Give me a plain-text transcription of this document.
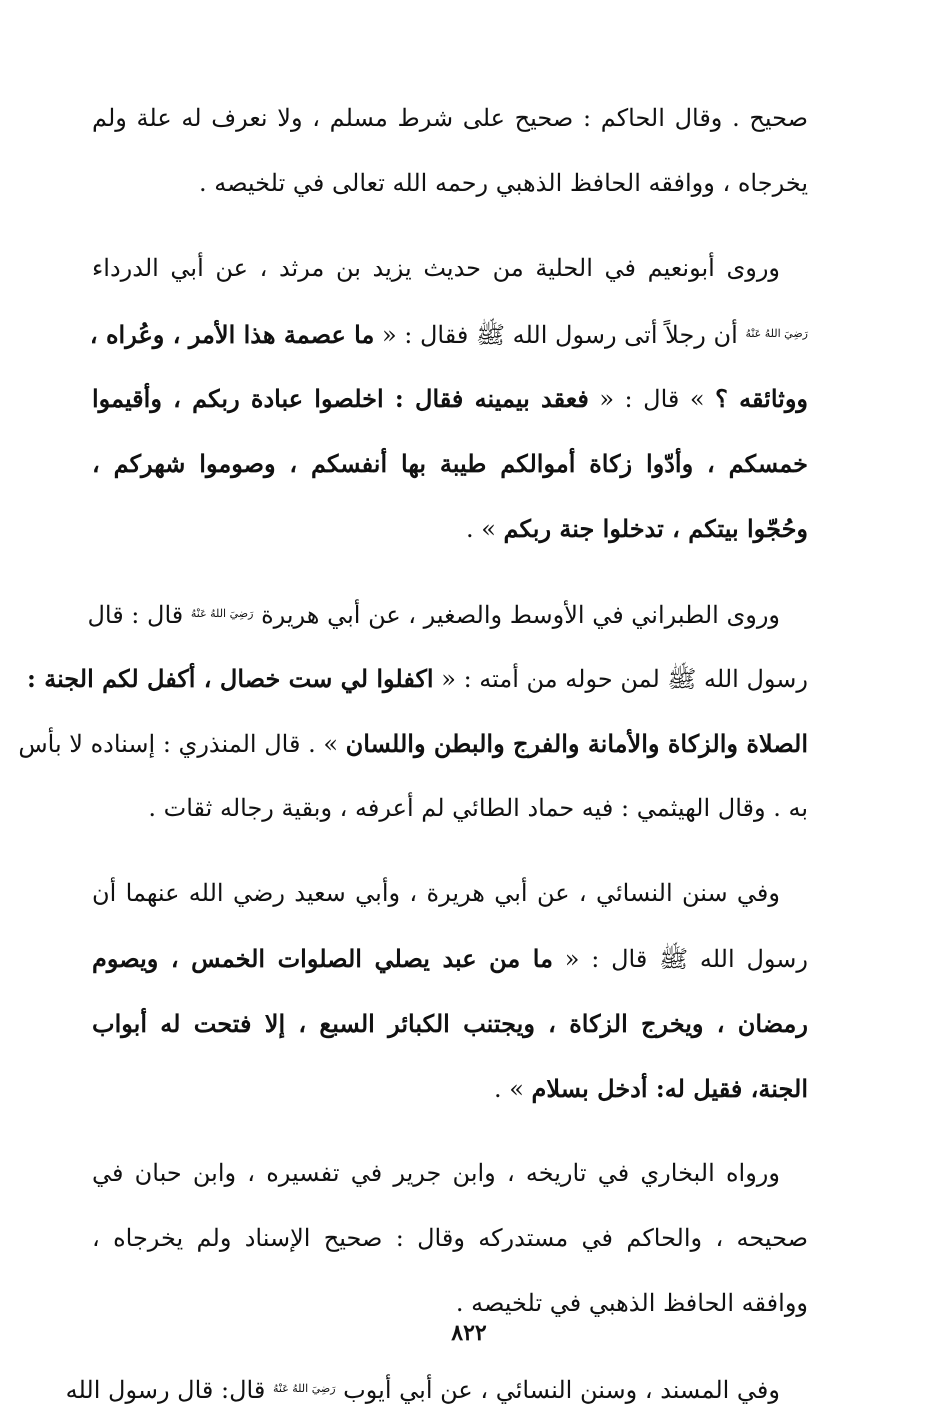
صحيح . وقال الحاكم : صحيح على شرط مسلم ، ولا نعرف له علة ولم
يخرجاه ، ووافقه الحافظ الذهبي رحمه الله تعالى في تلخيصه .
وروى أبونعيم في الحلية من حديث يزيد بن مرثد ، عن أبي الدرداء
$^{رَضِيَ اللهُ عَنْهُ}$ أن رجلاً أتى رسول الله ﷺ فقال : « ما عصمة هذا الأمر ، وعُراه ،
ووثائقه ؟ » قال : « فعقد بيمينه فقال : اخلصوا عبادة ربكم ، وأقيموا
خمسكم ، وأدّوا زكاة أموالكم طيبة بها أنفسكم ، وصوموا شهركم ،
وحُجّوا بيتكم ، تدخلوا جنة ربكم » .
وروى الطبراني في الأوسط والصغير ، عن أبي هريرة $^{رَضِيَ اللهُ عَنْهُ}$ قال : قال
رسول الله ﷺ لمن حوله من أمته : « اكفلوا لي ست خصال ، أكفل لكم الجنة :
الصلاة والزكاة والأمانة والفرج والبطن واللسان » . قال المنذري : إسناده لا بأس
به . وقال الهيثمي : فيه حماد الطائي لم أعرفه ، وبقية رجاله ثقات .
وفي سنن النسائي ، عن أبي هريرة ، وأبي سعيد رضي الله عنهما أن
رسول الله ﷺ قال : « ما من عبد يصلي الصلوات الخمس ، ويصوم
رمضان ، ويخرج الزكاة ، ويجتنب الكبائر السبع ، إلا فتحت له أبواب
الجنة، فقيل له: أدخل بسلام » .
ورواه البخاري في تاريخه ، وابن جرير في تفسيره ، وابن حبان في
صحيحه ، والحاكم في مستدركه وقال : صحيح الإسناد ولم يخرجاه ،
ووافقه الحافظ الذهبي في تلخيصه .
وفي المسند ، وسنن النسائي ، عن أبي أيوب $^{رَضِيَ اللهُ عَنْهُ}$ قال: قال رسول الله
٨٢٢
